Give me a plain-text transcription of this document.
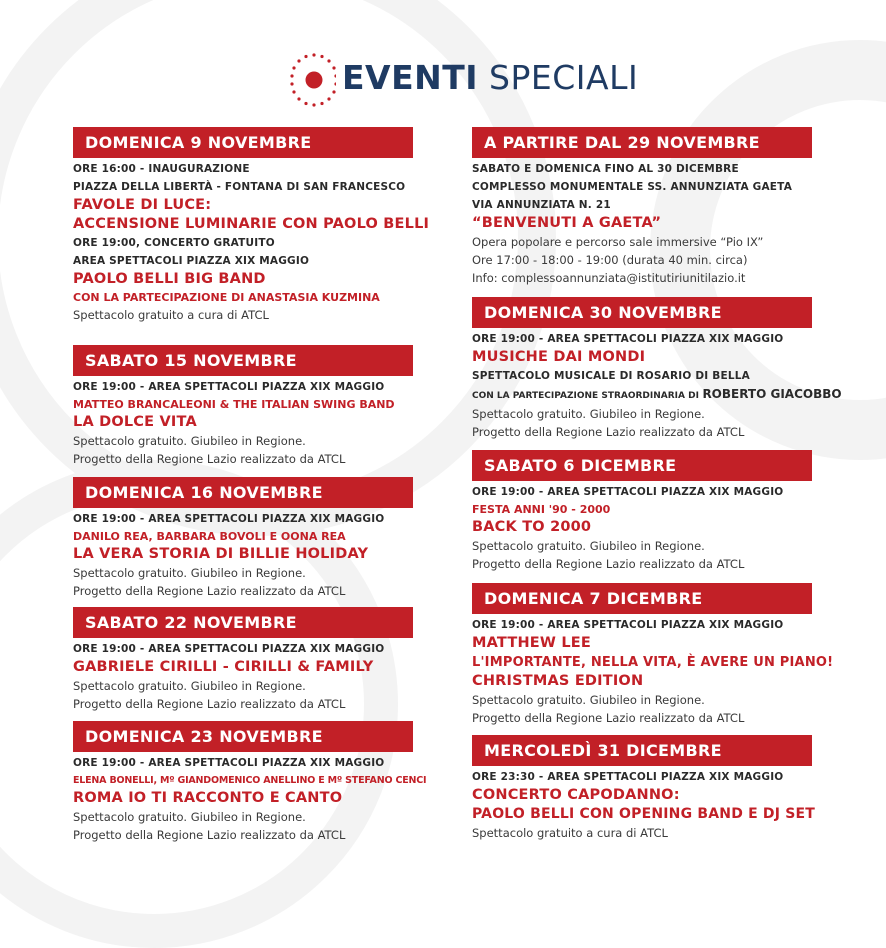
EVENTI SPECIALI
DOMENICA 9 NOVEMBRE
ORE 16:00 - INAUGURAZIONE
PIAZZA DELLA LIBERTÀ - FONTANA DI SAN FRANCESCO
FAVOLE DI LUCE:
ACCENSIONE LUMINARIE CON PAOLO BELLI
ORE 19:00, CONCERTO GRATUITO
AREA SPETTACOLI PIAZZA XIX MAGGIO
PAOLO BELLI BIG BAND
CON LA PARTECIPAZIONE DI ANASTASIA KUZMINA
Spettacolo gratuito a cura di ATCL
SABATO 15 NOVEMBRE
ORE 19:00 - AREA SPETTACOLI PIAZZA XIX MAGGIO
MATTEO BRANCALEONI & THE ITALIAN SWING BAND
LA DOLCE VITA
Spettacolo gratuito. Giubileo in Regione.
Progetto della Regione Lazio realizzato da ATCL
DOMENICA 16 NOVEMBRE
ORE 19:00 - AREA SPETTACOLI PIAZZA XIX MAGGIO
DANILO REA, BARBARA BOVOLI E OONA REA
LA VERA STORIA DI BILLIE HOLIDAY
Spettacolo gratuito. Giubileo in Regione.
Progetto della Regione Lazio realizzato da ATCL
SABATO 22 NOVEMBRE
ORE 19:00 - AREA SPETTACOLI PIAZZA XIX MAGGIO
GABRIELE CIRILLI - CIRILLI & FAMILY
Spettacolo gratuito. Giubileo in Regione.
Progetto della Regione Lazio realizzato da ATCL
DOMENICA 23 NOVEMBRE
ORE 19:00 - AREA SPETTACOLI PIAZZA XIX MAGGIO
ELENA BONELLI, Mº GIANDOMENICO ANELLINO E Mº STEFANO CENCI
ROMA IO TI RACCONTO E CANTO
Spettacolo gratuito. Giubileo in Regione.
Progetto della Regione Lazio realizzato da ATCL
A PARTIRE DAL 29 NOVEMBRE
SABATO E DOMENICA FINO AL 30 DICEMBRE
COMPLESSO MONUMENTALE SS. ANNUNZIATA GAETA
VIA ANNUNZIATA N. 21
“BENVENUTI A GAETA”
Opera popolare e percorso sale immersive “Pio IX”
Ore 17:00 - 18:00 - 19:00 (durata 40 min. circa)
Info: complessoannunziata@istitutiriunitilazio.it
DOMENICA 30 NOVEMBRE
ORE 19:00 - AREA SPETTACOLI PIAZZA XIX MAGGIO
MUSICHE DAI MONDI
SPETTACOLO MUSICALE DI ROSARIO DI BELLA
CON LA PARTECIPAZIONE STRAORDINARIA DI ROBERTO GIACOBBO
Spettacolo gratuito. Giubileo in Regione.
Progetto della Regione Lazio realizzato da ATCL
SABATO 6 DICEMBRE
ORE 19:00 - AREA SPETTACOLI PIAZZA XIX MAGGIO
FESTA ANNI '90 - 2000
BACK TO 2000
Spettacolo gratuito. Giubileo in Regione.
Progetto della Regione Lazio realizzato da ATCL
DOMENICA 7 DICEMBRE
ORE 19:00 - AREA SPETTACOLI PIAZZA XIX MAGGIO
MATTHEW LEE
L'IMPORTANTE, NELLA VITA, È AVERE UN PIANO!
CHRISTMAS EDITION
Spettacolo gratuito. Giubileo in Regione.
Progetto della Regione Lazio realizzato da ATCL
MERCOLEDÌ 31 DICEMBRE
ORE 23:30 - AREA SPETTACOLI PIAZZA XIX MAGGIO
CONCERTO CAPODANNO:
PAOLO BELLI CON OPENING BAND E DJ SET
Spettacolo gratuito a cura di ATCL
